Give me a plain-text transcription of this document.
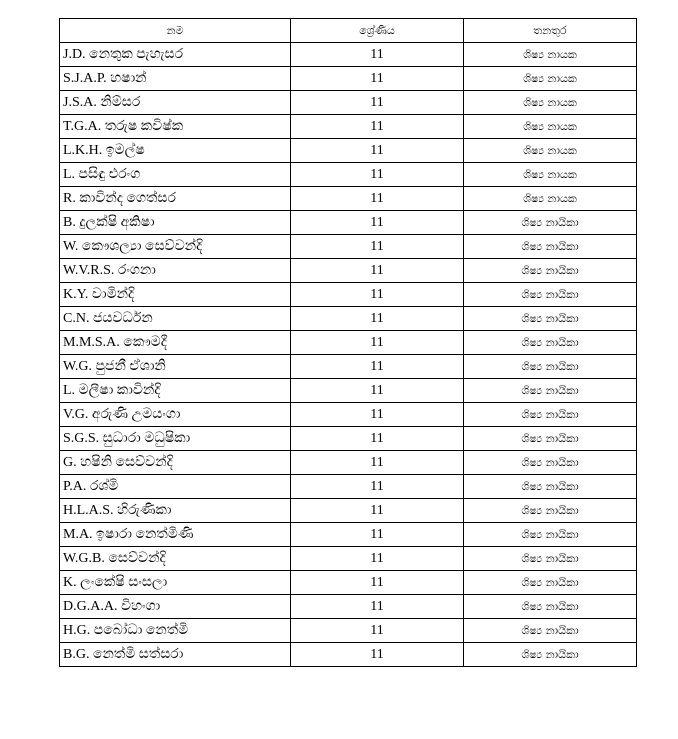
නම	ශ්‍රේණිය	තනතුර
J.D. නෙතුක පැහැසර	11	ශිෂ්‍ය නායක
S.J.A.P. හෂාන්	11	ශිෂ්‍ය නායක
J.S.A. නිම්සර	11	ශිෂ්‍ය නායක
T.G.A. තරුෂ කවිෂ්ක	11	ශිෂ්‍ය නායක
L.K.H. ඉමල්ෂ	11	ශිෂ්‍ය නායක
L. පසිඳු එරංග	11	ශිෂ්‍ය නායක
R. කාවින්ද ගෙත්සර	11	ශිෂ්‍ය නායක
B. දුලක්ෂි අකිෂා	11	ශිෂ්‍ය නායිකා
W. කෞශල්‍යා සෙව්වන්දි	11	ශිෂ්‍ය නායිකා
W.V.R.S. රංගනා	11	ශිෂ්‍ය නායිකා
K.Y. වාමින්දි	11	ශිෂ්‍ය නායිකා
C.N. ජයවර්ධන	11	ශිෂ්‍ය නායිකා
M.M.S.A. කෞමදී	11	ශිෂ්‍ය නායිකා
W.G. පුජනී ඒශානි	11	ශිෂ්‍ය නායිකා
L. මලීෂා කාවින්දි	11	ශිෂ්‍ය නායිකා
V.G. අරුණි උමයංගා	11	ශිෂ්‍ය නායිකා
S.G.S. සුධාරා මධුෂිකා	11	ශිෂ්‍ය නායිකා
G. හෂිනි සෙව්වන්දි	11	ශිෂ්‍ය නායිකා
P.A. රශ්මි	11	ශිෂ්‍ය නායිකා
H.L.A.S. හිරුණිකා	11	ශිෂ්‍ය නායිකා
M.A. ඉෂාරා නෙත්මිණි	11	ශිෂ්‍ය නායිකා
W.G.B. සෙව්වන්දි	11	ශිෂ්‍ය නායිකා
K. ලංකේෂි සංසලා	11	ශිෂ්‍ය නායිකා
D.G.A.A. විහංගා	11	ශිෂ්‍ය නායිකා
H.G. පබෝධා නෙත්මි	11	ශිෂ්‍ය නායිකා
B.G. නෙත්මි සත්සරා	11	ශිෂ්‍ය නායිකා
